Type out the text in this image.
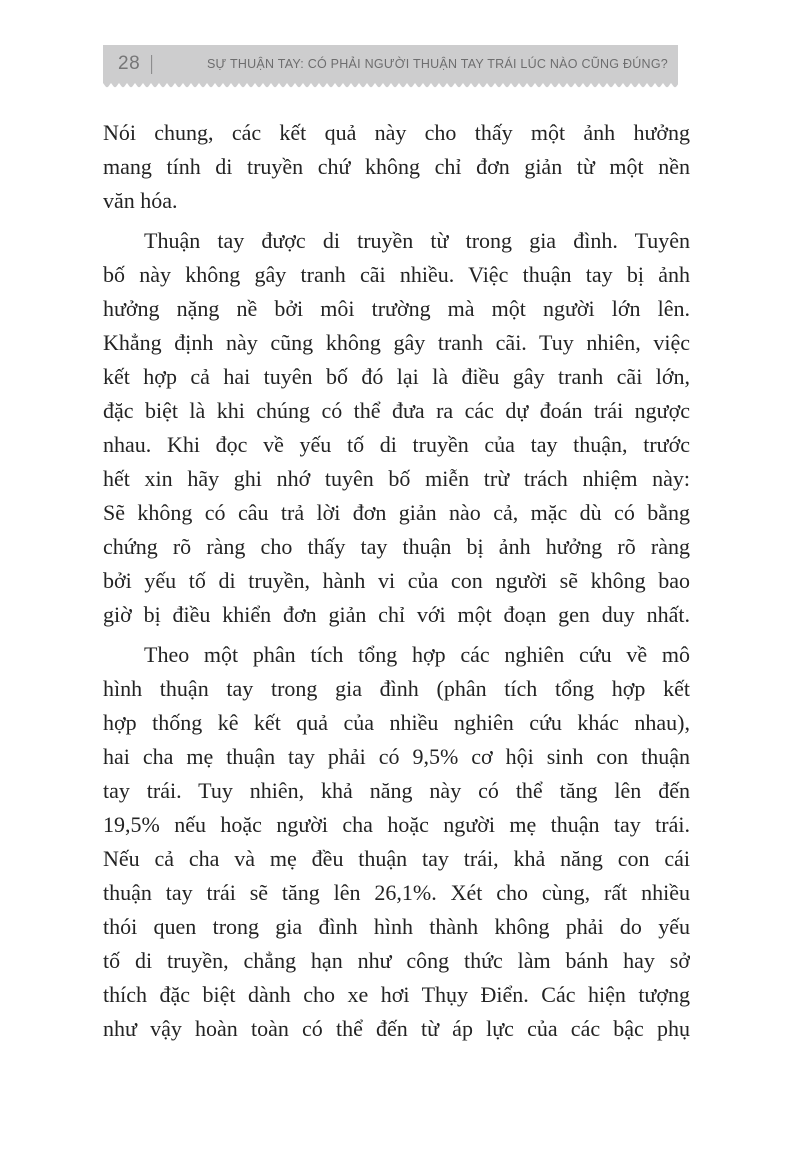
28 |	SỰ THUẬN TAY: CÓ PHẢI NGƯỜI THUẬN TAY TRÁI LÚC NÀO CŨNG ĐÚNG?
Nói chung, các kết quả này cho thấy một ảnh hưởng
mang tính di truyền chứ không chỉ đơn giản từ một nền
văn hóa.
Thuận tay được di truyền từ trong gia đình. Tuyên
bố này không gây tranh cãi nhiều. Việc thuận tay bị ảnh
hưởng nặng nề bởi môi trường mà một người lớn lên.
Khẳng định này cũng không gây tranh cãi. Tuy nhiên, việc
kết hợp cả hai tuyên bố đó lại là điều gây tranh cãi lớn,
đặc biệt là khi chúng có thể đưa ra các dự đoán trái ngược
nhau. Khi đọc về yếu tố di truyền của tay thuận, trước
hết xin hãy ghi nhớ tuyên bố miễn trừ trách nhiệm này:
Sẽ không có câu trả lời đơn giản nào cả, mặc dù có bằng
chứng rõ ràng cho thấy tay thuận bị ảnh hưởng rõ ràng
bởi yếu tố di truyền, hành vi của con người sẽ không bao
giờ bị điều khiển đơn giản chỉ với một đoạn gen duy nhất.
Theo một phân tích tổng hợp các nghiên cứu về mô
hình thuận tay trong gia đình (phân tích tổng hợp kết
hợp thống kê kết quả của nhiều nghiên cứu khác nhau),
hai cha mẹ thuận tay phải có 9,5% cơ hội sinh con thuận
tay trái. Tuy nhiên, khả năng này có thể tăng lên đến
19,5% nếu hoặc người cha hoặc người mẹ thuận tay trái.
Nếu cả cha và mẹ đều thuận tay trái, khả năng con cái
thuận tay trái sẽ tăng lên 26,1%. Xét cho cùng, rất nhiều
thói quen trong gia đình hình thành không phải do yếu
tố di truyền, chẳng hạn như công thức làm bánh hay sở
thích đặc biệt dành cho xe hơi Thụy Điển. Các hiện tượng
như vậy hoàn toàn có thể đến từ áp lực của các bậc phụ
